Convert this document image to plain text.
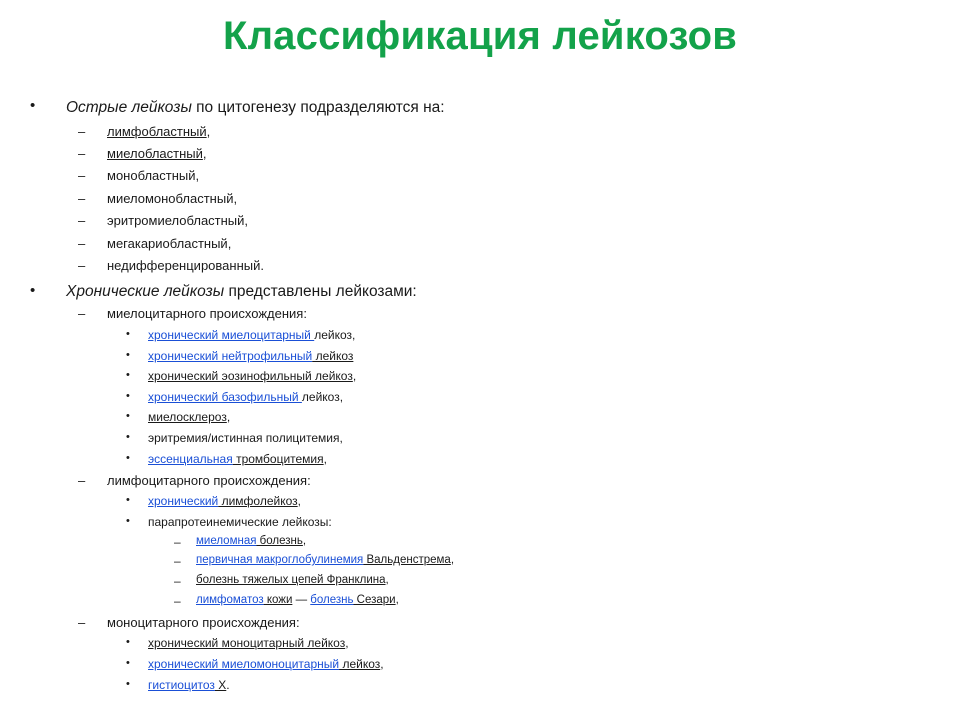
Классификация лейкозов
• Острые лейкозы по цитогенезу подразделяются на:
– лимфобластный,
– миелобластный,
– монобластный,
– миеломонобластный,
– эритромиелобластный,
– мегакариобластный,
– недифференцированный.
• Хронические лейкозы представлены лейкозами:
– миелоцитарного происхождения:
• хронический миелоцитарный лейкоз,
• хронический нейтрофильный лейкоз
• хронический эозинофильный лейкоз,
• хронический базофильный лейкоз,
• миелосклероз,
• эритремия/истинная полицитемия,
• эссенциальная тромбоцитемия,
– лимфоцитарного происхождения:
• хронический лимфолейкоз,
• парапротеинемические лейкозы:
– миеломная болезнь,
– первичная макроглобулинемия Вальденстрема,
– болезнь тяжелых цепей Франклина,
– лимфоматоз кожи — болезнь Сезари,
– моноцитарного происхождения:
• хронический моноцитарный лейкоз,
• хронический миеломоноцитарный лейкоз,
• гистиоцитоз X.
